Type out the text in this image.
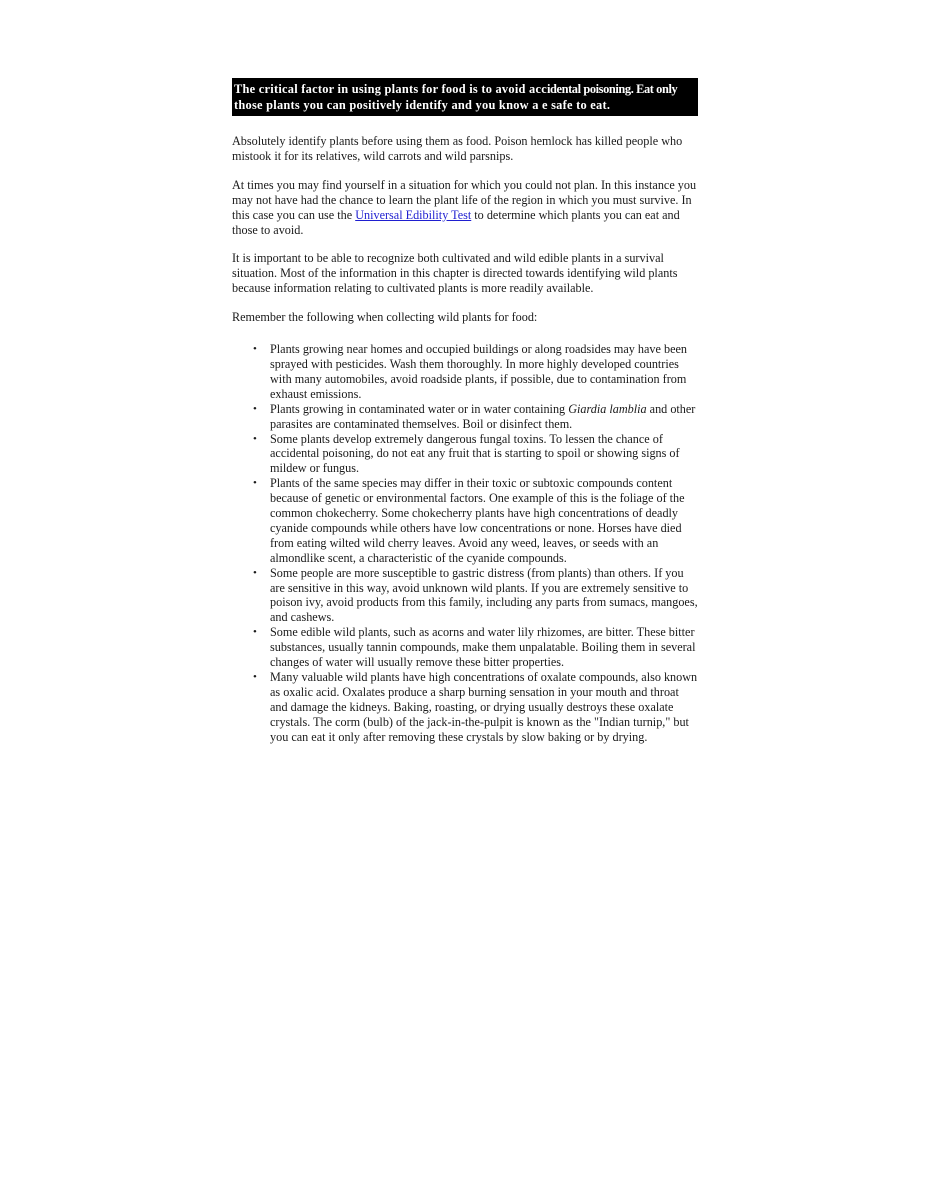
The critical factor in using plants for food is to avoid accidental poisoning. Eat only
those plants you can positively identify and you know a e safe to eat.

Absolutely identify plants before using them as food. Poison hemlock has killed people who mistook it for its relatives, wild carrots and wild parsnips.

At times you may find yourself in a situation for which you could not plan. In this instance you may not have had the chance to learn the plant life of the region in which you must survive. In this case you can use the Universal Edibility Test to determine which plants you can eat and those to avoid.

It is important to be able to recognize both cultivated and wild edible plants in a survival situation. Most of the information in this chapter is directed towards identifying wild plants because information relating to cultivated plants is more readily available.

Remember the following when collecting wild plants for food:

• Plants growing near homes and occupied buildings or along roadsides may have been sprayed with pesticides. Wash them thoroughly. In more highly developed countries with many automobiles, avoid roadside plants, if possible, due to contamination from exhaust emissions.
• Plants growing in contaminated water or in water containing Giardia lamblia and other parasites are contaminated themselves. Boil or disinfect them.
• Some plants develop extremely dangerous fungal toxins. To lessen the chance of accidental poisoning, do not eat any fruit that is starting to spoil or showing signs of mildew or fungus.
• Plants of the same species may differ in their toxic or subtoxic compounds content because of genetic or environmental factors. One example of this is the foliage of the common chokecherry. Some chokecherry plants have high concentrations of deadly cyanide compounds while others have low concentrations or none. Horses have died from eating wilted wild cherry leaves. Avoid any weed, leaves, or seeds with an almondlike scent, a characteristic of the cyanide compounds.
• Some people are more susceptible to gastric distress (from plants) than others. If you are sensitive in this way, avoid unknown wild plants. If you are extremely sensitive to poison ivy, avoid products from this family, including any parts from sumacs, mangoes, and cashews.
• Some edible wild plants, such as acorns and water lily rhizomes, are bitter. These bitter substances, usually tannin compounds, make them unpalatable. Boiling them in several changes of water will usually remove these bitter properties.
• Many valuable wild plants have high concentrations of oxalate compounds, also known as oxalic acid. Oxalates produce a sharp burning sensation in your mouth and throat and damage the kidneys. Baking, roasting, or drying usually destroys these oxalate crystals. The corm (bulb) of the jack-in-the-pulpit is known as the "Indian turnip," but you can eat it only after removing these crystals by slow baking or by drying.
